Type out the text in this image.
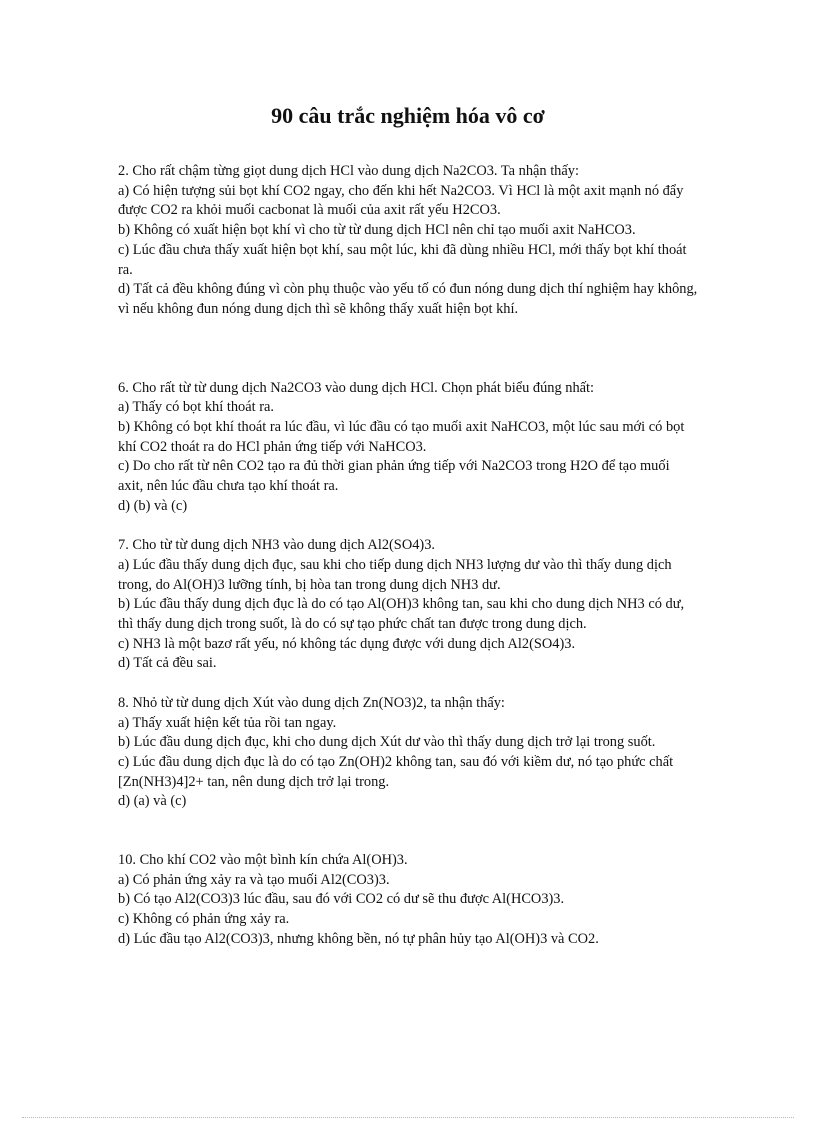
90 câu trắc nghiệm hóa vô cơ

2. Cho rất chậm từng giọt dung dịch HCl vào dung dịch Na2CO3. Ta nhận thấy:

a) Có hiện tượng sủi bọt khí CO2 ngay, cho đến khi hết Na2CO3. Vì HCl là một axit mạnh nó đẩy được CO2 ra khỏi muối cacbonat là muối của axit rất yếu H2CO3.

b) Không có xuất hiện bọt khí vì cho từ từ dung dịch HCl nên chỉ tạo muối axit NaHCO3.

c) Lúc đầu chưa thấy xuất hiện bọt khí, sau một lúc, khi đã dùng nhiều HCl, mới thấy bọt khí thoát ra.

d) Tất cả đều không đúng vì còn phụ thuộc vào yếu tố có đun nóng dung dịch thí nghiệm hay không, vì nếu không đun nóng dung dịch thì sẽ không thấy xuất hiện bọt khí.

6. Cho rất từ từ dung dịch Na2CO3 vào dung dịch HCl. Chọn phát biểu đúng nhất:

a) Thấy có bọt khí thoát ra.

b) Không có bọt khí thoát ra lúc đầu, vì lúc đầu có tạo muối axit NaHCO3, một lúc sau mới có bọt khí CO2 thoát ra do HCl phản ứng tiếp với NaHCO3.

c) Do cho rất từ nên CO2 tạo ra đủ thời gian phản ứng tiếp với Na2CO3 trong H2O để tạo muối axit, nên lúc đầu chưa tạo khí thoát ra.

d) (b) và (c)

7. Cho từ từ dung dịch NH3 vào dung dịch Al2(SO4)3.

a) Lúc đầu thấy dung dịch đục, sau khi cho tiếp dung dịch NH3 lượng dư vào thì thấy dung dịch trong, do Al(OH)3 lưỡng tính, bị hòa tan trong dung dịch NH3 dư.

b) Lúc đầu thấy dung dịch đục là do có tạo Al(OH)3 không tan, sau khi cho dung dịch NH3 có dư, thì thấy dung dịch trong suốt, là do có sự tạo phức chất tan được trong dung dịch.

c) NH3 là một bazơ rất yếu, nó không tác dụng được với dung dịch Al2(SO4)3.

d) Tất cả đều sai.

8. Nhỏ từ từ dung dịch Xút vào dung dịch Zn(NO3)2, ta nhận thấy:

a) Thấy xuất hiện kết tủa rồi tan ngay.

b) Lúc đầu dung dịch đục, khi cho dung dịch Xút dư vào thì thấy dung dịch trở lại trong suốt.

c) Lúc đầu dung dịch đục là do có tạo Zn(OH)2 không tan, sau đó với kiềm dư, nó tạo phức chất [Zn(NH3)4]2+ tan, nên dung dịch trở lại trong.

d) (a) và (c)

10. Cho khí CO2 vào một bình kín chứa Al(OH)3.

a) Có phản ứng xảy ra và tạo muối Al2(CO3)3.

b) Có tạo Al2(CO3)3 lúc đầu, sau đó với CO2 có dư sẽ thu được Al(HCO3)3.

c) Không có phản ứng xảy ra.

d) Lúc đầu tạo Al2(CO3)3, nhưng không bền, nó tự phân hủy tạo Al(OH)3 và CO2.
